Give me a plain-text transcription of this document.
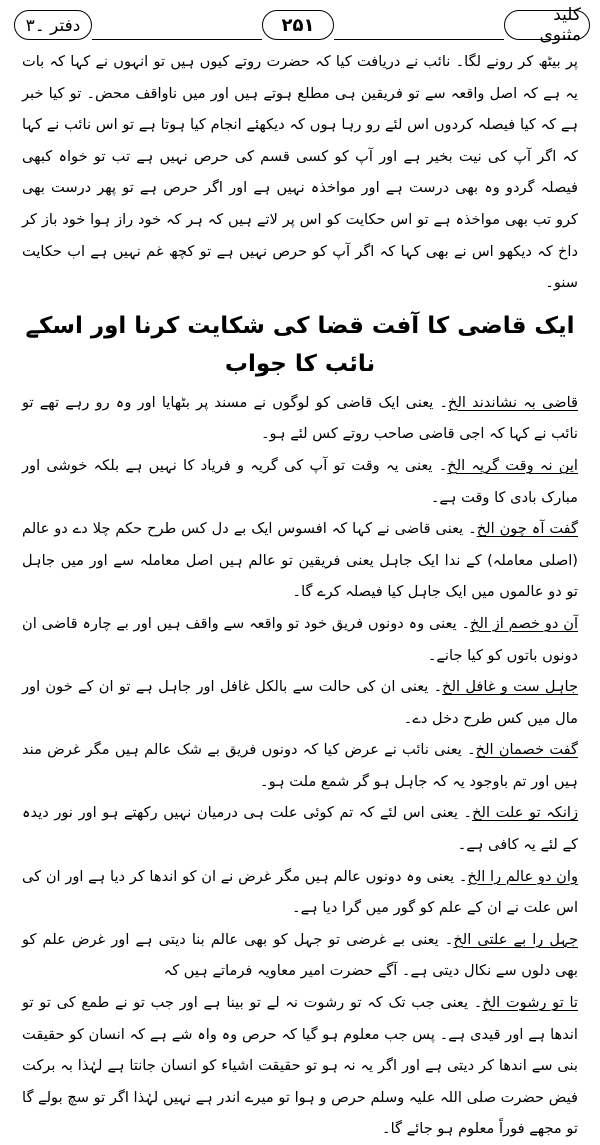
کلید مثنوی
۲۵۱
دفتر ۔۳

پر بیٹھ کر رونے لگا۔ نائب نے دریافت کیا کہ حضرت روتے کیوں ہیں تو انہوں نے کہا کہ بات یہ ہے کہ اصل واقعہ سے تو فریقین ہی مطلع ہوتے ہیں اور میں ناواقف محض۔ تو کیا خبر ہے کہ کیا فیصلہ کردوں اس لئے رو رہا ہوں کہ دیکھئے انجام کیا ہوتا ہے تو اس نائب نے کہا کہ اگر آپ کی نیت بخیر ہے اور آپ کو کسی قسم کی حرص نہیں ہے تب تو خواہ کبھی فیصلہ گردو وہ بھی درست ہے اور مواخذہ نہیں ہے اور اگر حرص ہے تو پھر درست بھی کرو تب بھی مواخذہ ہے تو اس حکایت کو اس پر لاتے ہیں کہ ہر کہ خود راز ہوا خود باز کر داخ کہ دیکھو اس نے بھی کہا کہ اگر آپ کو حرص نہیں ہے تو کچھ غم نہیں ہے اب حکایت سنو۔

ایک قاضی کا آفت قضا کی شکایت کرنا اور اسکے نائب کا جواب

قاضی بہ نشاندند الخ۔ یعنی ایک قاضی کو لوگوں نے مسند پر بٹھایا اور وہ رو رہے تھے تو نائب نے کہا کہ اجی قاضی صاحب روتے کس لئے ہو۔

این نہ وقت گریہ الخ۔ یعنی یہ وقت تو آپ کی گریہ و فریاد کا نہیں ہے بلکہ خوشی اور مبارک بادی کا وقت ہے۔

گفت آہ چون الخ۔ یعنی قاضی نے کہا کہ افسوس ایک بے دل کس طرح حکم چلا دے دو عالم (اصلی معاملہ) کے ندا ایک جاہل یعنی فریقین تو عالم ہیں اصل معاملہ سے اور میں جاہل تو دو عالموں میں ایک جاہل کیا فیصلہ کرے گا۔

آن دو خصم از الخ۔ یعنی وہ دونوں فریق خود تو واقعہ سے واقف ہیں اور بے چارہ قاضی ان دونوں باتوں کو کیا جانے۔

جاہل ست و غافل الخ۔ یعنی ان کی حالت سے بالکل غافل اور جاہل ہے تو ان کے خون اور مال میں کس طرح دخل دے۔

گفت خصمان الخ۔ یعنی نائب نے عرض کیا کہ دونوں فریق بے شک عالم ہیں مگر غرض مند ہیں اور تم باوجود یہ کہ جاہل ہو گر شمع ملت ہو۔

زانکہ تو علت الخ۔ یعنی اس لئے کہ تم کوئی علت ہی درمیان نہیں رکھتے ہو اور نور دیدہ کے لئے یہ کافی ہے۔

وان دو عالم را الخ۔ یعنی وہ دونوں عالم ہیں مگر غرض نے ان کو اندھا کر دیا ہے اور ان کی اس علت نے ان کے علم کو گور میں گرا دیا ہے۔

جہل را بے علتی الخ۔ یعنی بے غرضی تو جہل کو بھی عالم بنا دیتی ہے اور غرض علم کو بھی دلوں سے نکال دیتی ہے۔ آگے حضرت امیر معاویہ فرماتے ہیں کہ

تا تو رشوت الخ۔ یعنی جب تک کہ تو رشوت نہ لے تو بینا ہے اور جب تو نے طمع کی تو تو اندھا ہے اور قیدی ہے۔ پس جب معلوم ہو گیا کہ حرص وہ واہ شے ہے کہ انسان کو حقیقت بنی سے اندھا کر دیتی ہے اور اگر یہ نہ ہو تو حقیقت اشیاء کو انسان جانتا ہے لہٰذا بہ برکت فیض حضرت صلی اللہ علیہ وسلم حرص و ہوا تو میرے اندر ہے نہیں لہٰذا اگر تو سچ بولے گا تو مجھے فوراً معلوم ہو جائے گا۔
